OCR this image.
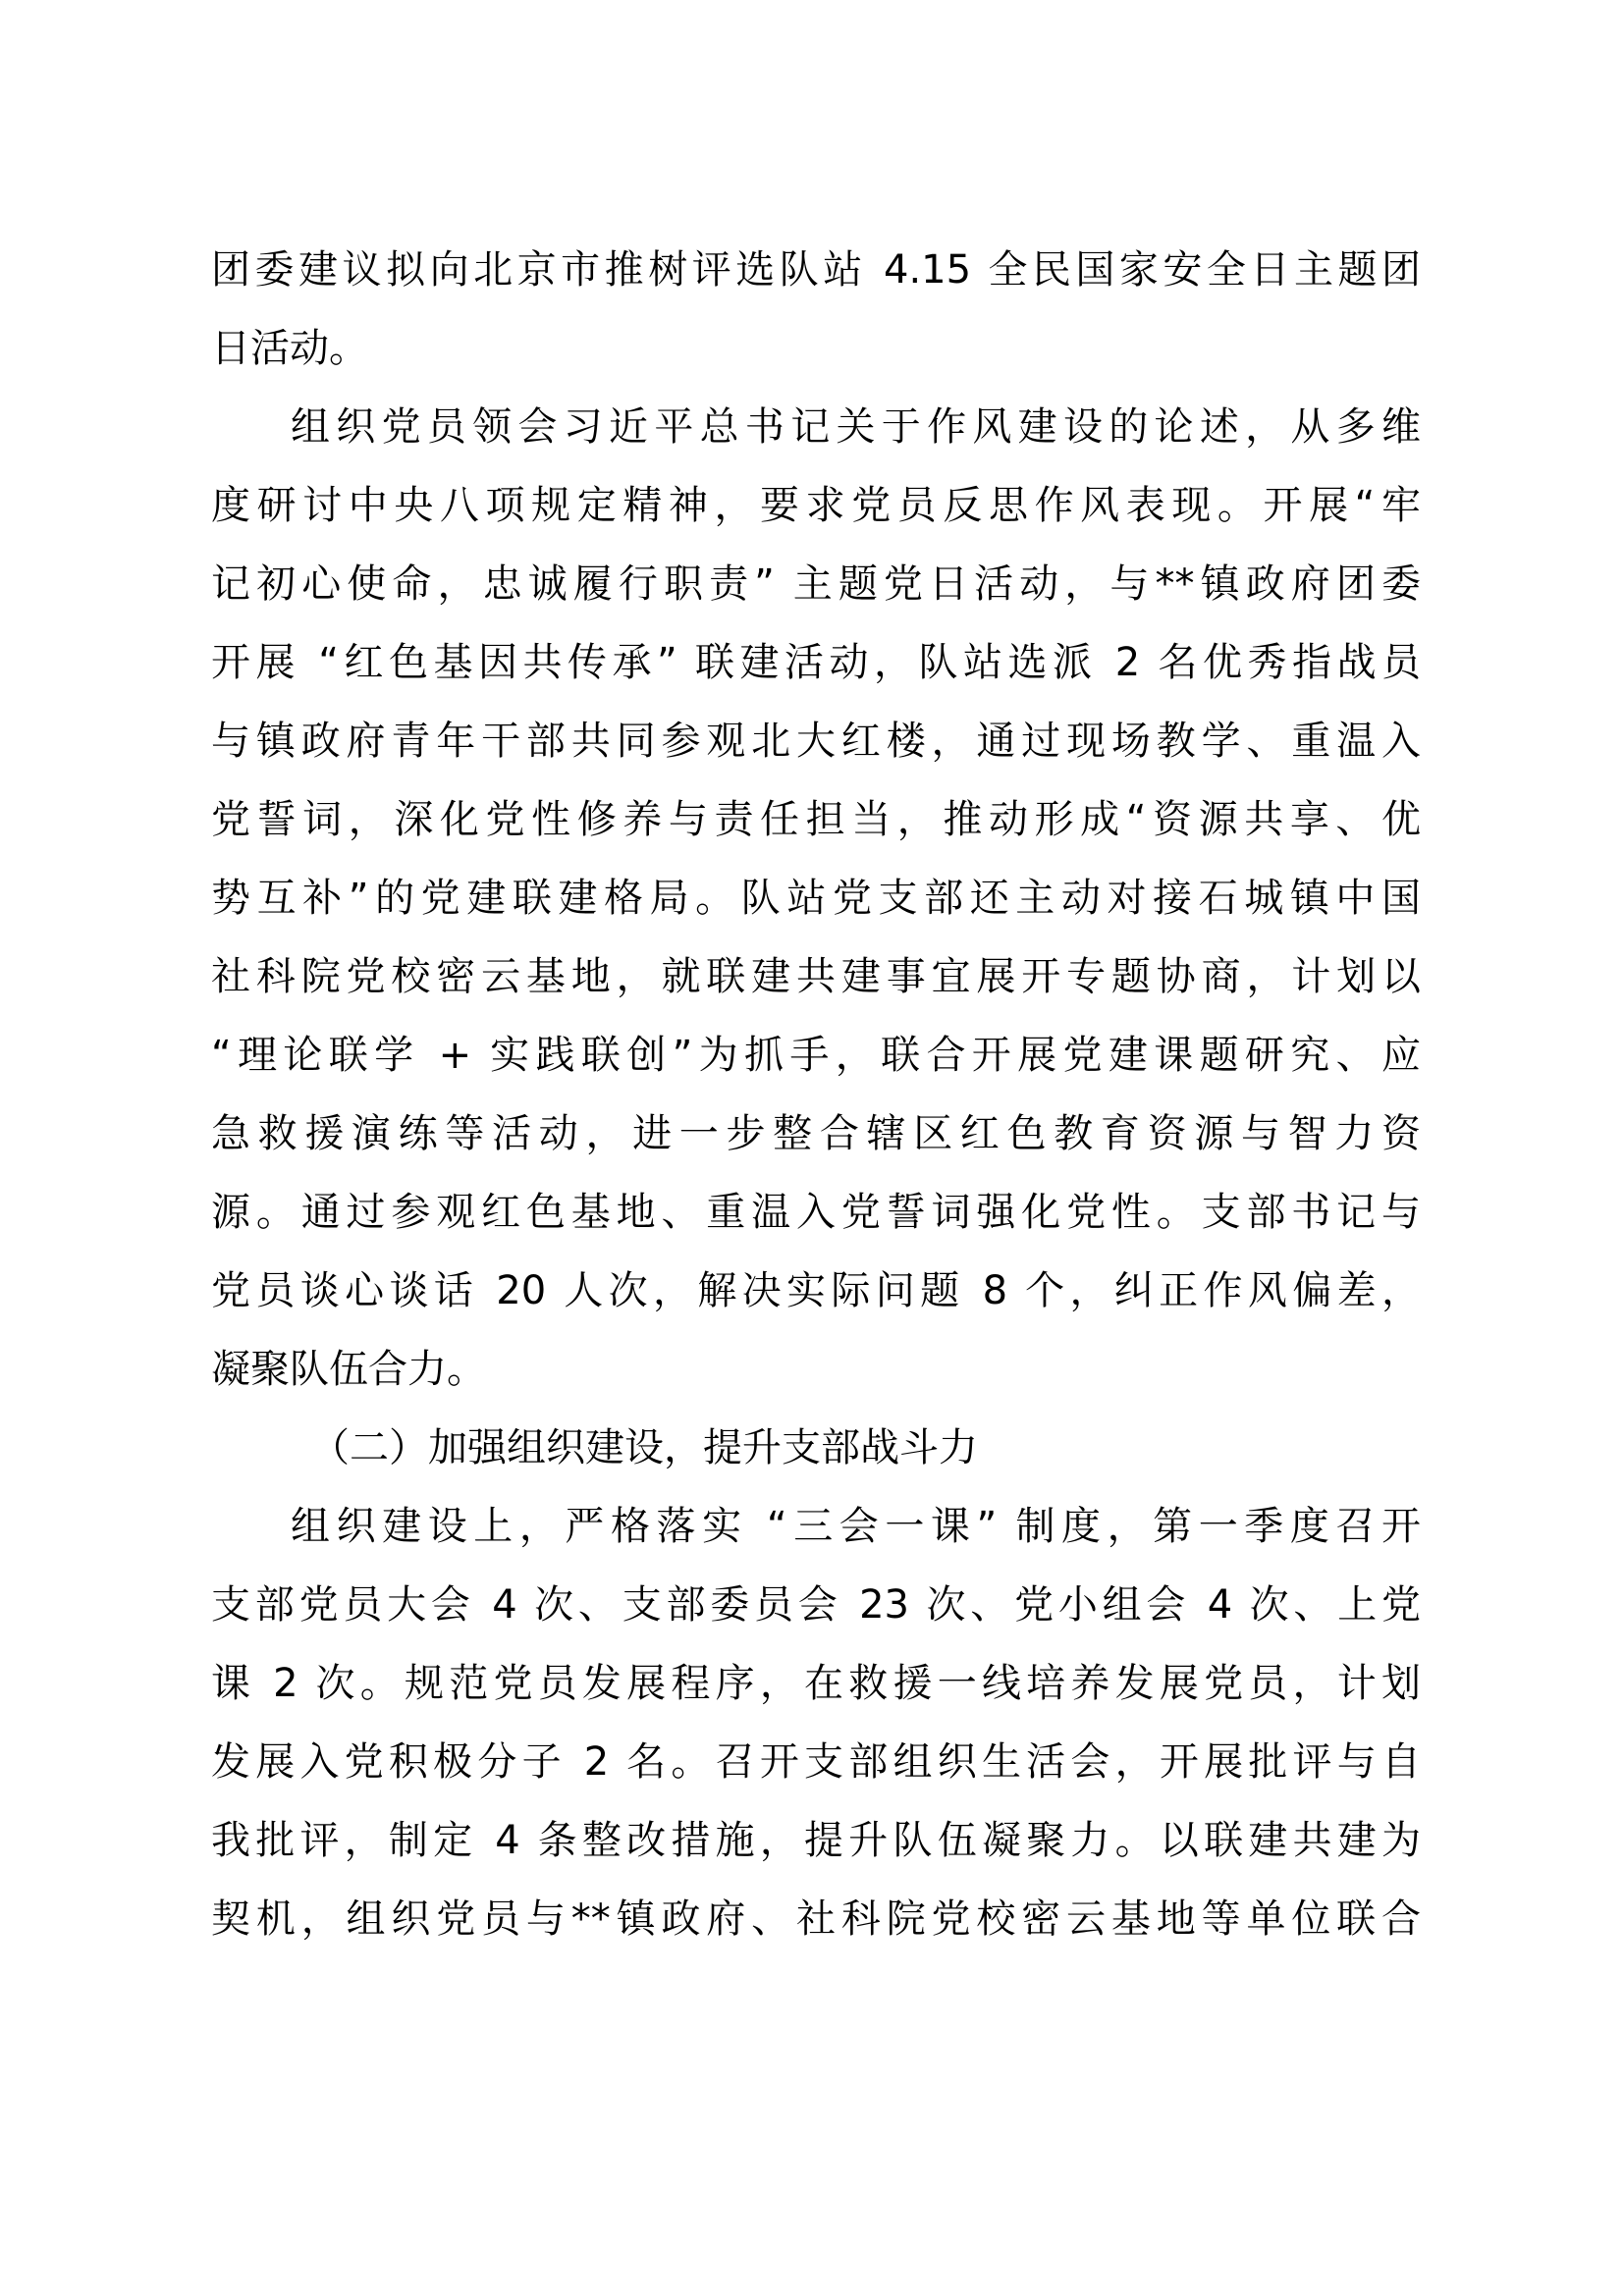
团委建议拟向北京市推树评选队站 4.15 全民国家安全日主题团
日活动。
组织党员领会习近平总书记关于作风建设的论述，从多维
度研讨中央八项规定精神，要求党员反思作风表现。开展“牢
记初心使命，忠诚履行职责” 主题党日活动，与**镇政府团委
开展 “红色基因共传承” 联建活动，队站选派 2 名优秀指战员
与镇政府青年干部共同参观北大红楼，通过现场教学、重温入
党誓词，深化党性修养与责任担当，推动形成“资源共享、优
势互补”的党建联建格局。队站党支部还主动对接石城镇中国
社科院党校密云基地，就联建共建事宜展开专题协商，计划以
“理论联学 + 实践联创”为抓手，联合开展党建课题研究、应
急救援演练等活动，进一步整合辖区红色教育资源与智力资
源。通过参观红色基地、重温入党誓词强化党性。支部书记与
党员谈心谈话 20 人次，解决实际问题 8 个，纠正作风偏差，
凝聚队伍合力。
（二）加强组织建设，提升支部战斗力
组织建设上，严格落实 “三会一课” 制度，第一季度召开
支部党员大会 4 次、支部委员会 23 次、党小组会 4 次、上党
课 2 次。规范党员发展程序，在救援一线培养发展党员，计划
发展入党积极分子 2 名。召开支部组织生活会，开展批评与自
我批评，制定 4 条整改措施，提升队伍凝聚力。以联建共建为
契机，组织党员与**镇政府、社科院党校密云基地等单位联合
